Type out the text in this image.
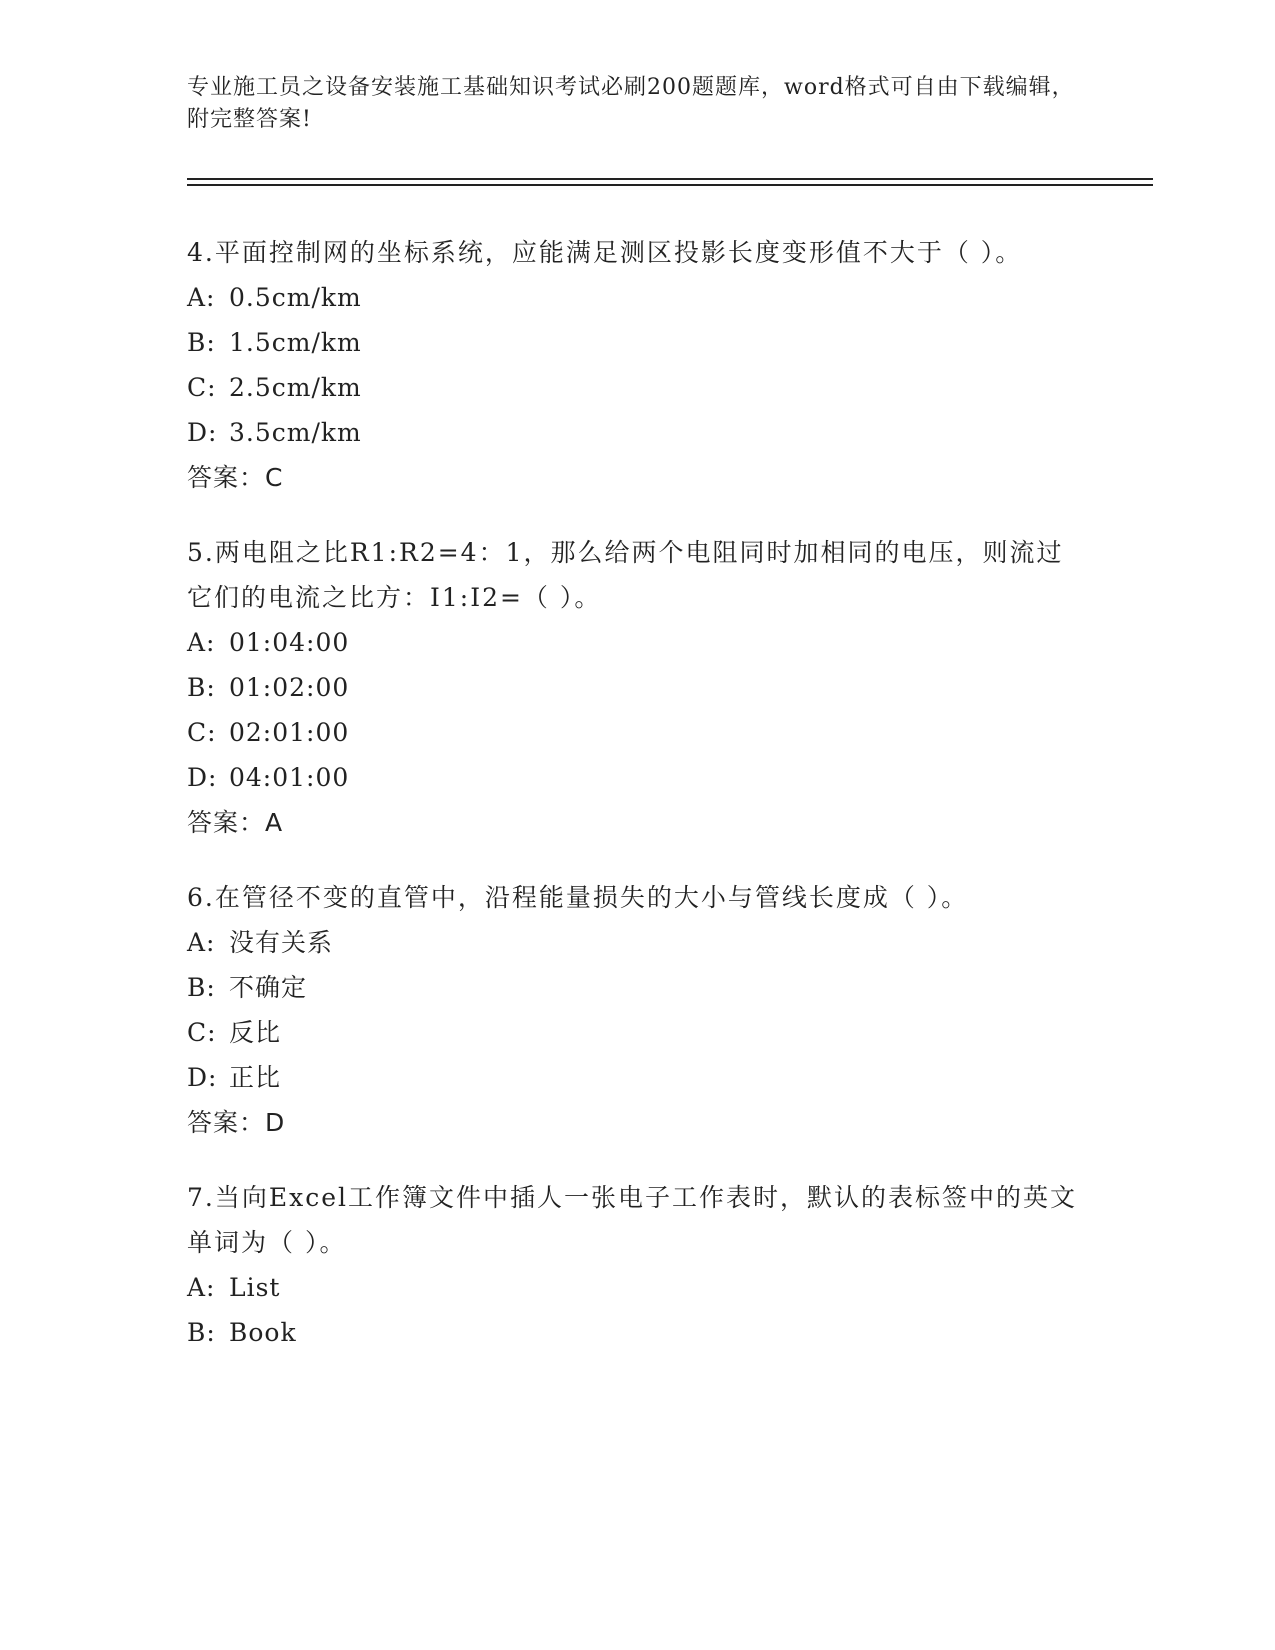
专业施工员之设备安装施工基础知识考试必刷200题题库，word格式可自由下载编辑，附完整答案!
4.平面控制网的坐标系统，应能满足测区投影长度变形值不大于（ ）。
A: 0.5cm/km
B: 1.5cm/km
C: 2.5cm/km
D: 3.5cm/km
答案：C
5.两电阻之比R1:R2=4：1，那么给两个电阻同时加相同的电压，则流过它们的电流之比方：I1:I2=（ ）。
A: 01:04:00
B: 01:02:00
C: 02:01:00
D: 04:01:00
答案：A
6.在管径不变的直管中，沿程能量损失的大小与管线长度成（ ）。
A: 没有关系
B: 不确定
C: 反比
D: 正比
答案：D
7.当向Excel工作簿文件中插人一张电子工作表时，默认的表标签中的英文单词为（ ）。
A: List
B: Book
